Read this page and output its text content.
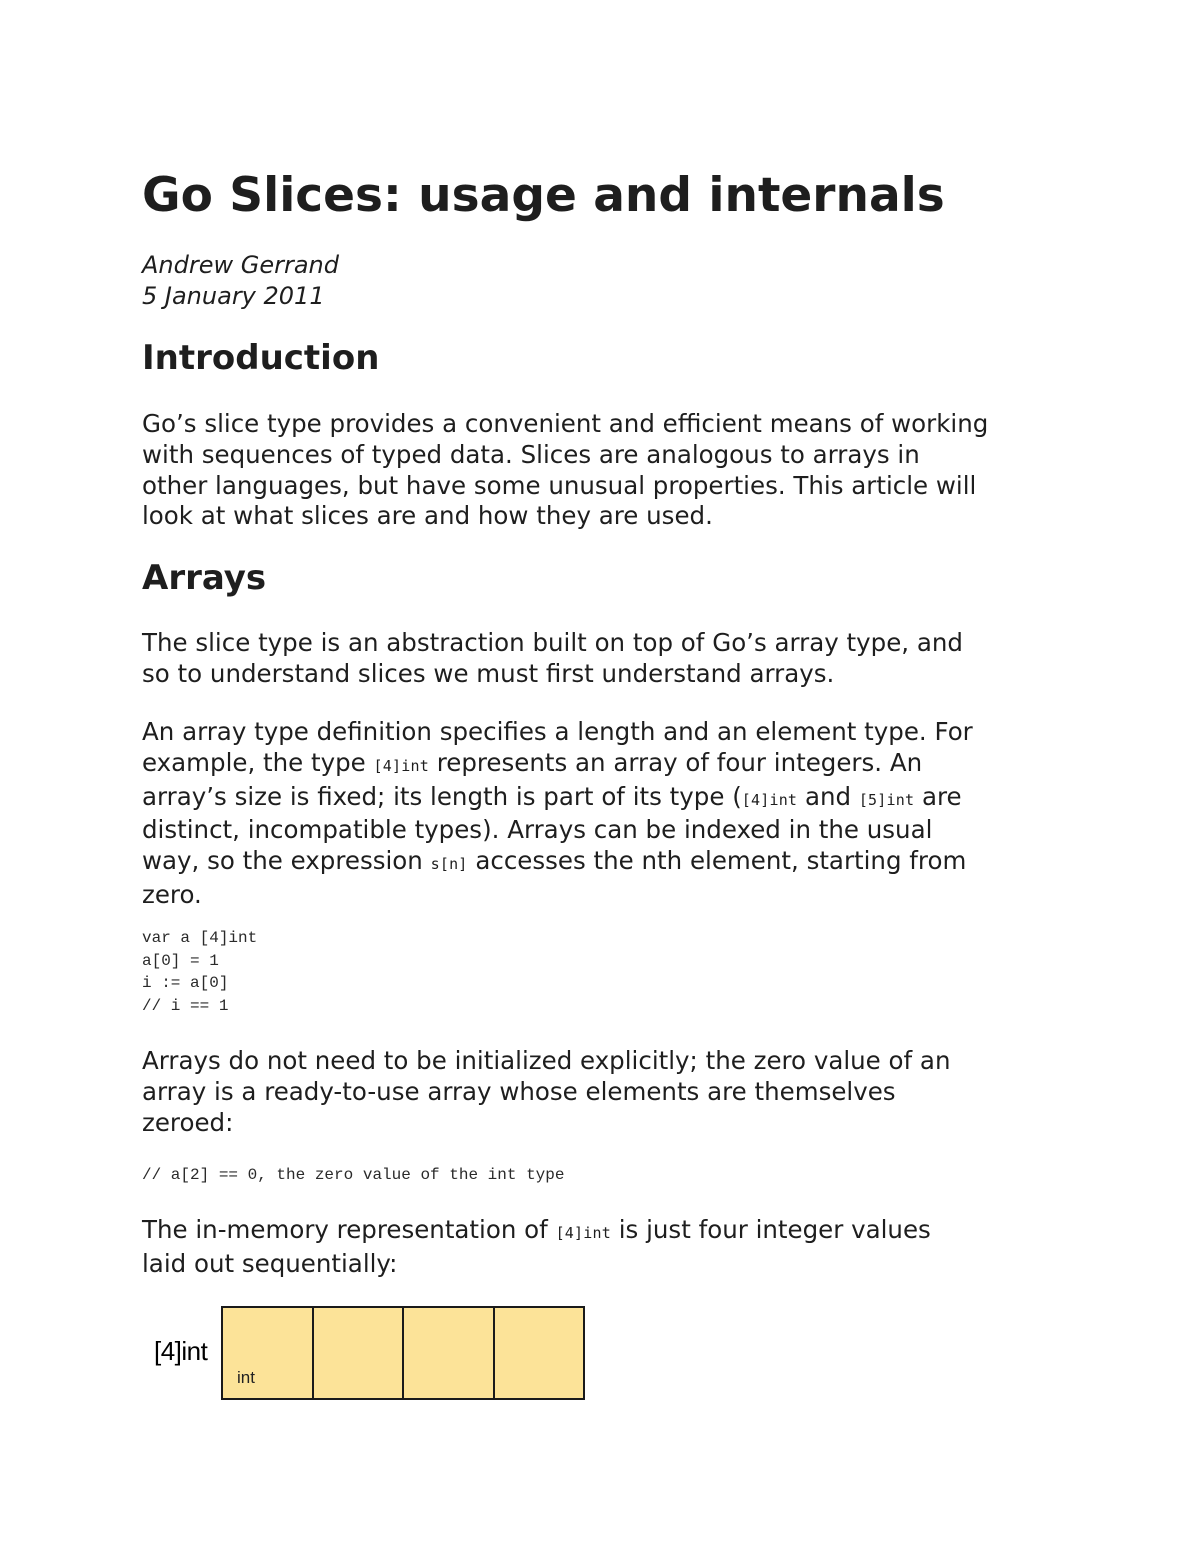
Go Slices: usage and internals
Andrew Gerrand
5 January 2011
Introduction
Go’s slice type provides a convenient and efficient means of working
with sequences of typed data. Slices are analogous to arrays in
other languages, but have some unusual properties. This article will
look at what slices are and how they are used.
Arrays
The slice type is an abstraction built on top of Go’s array type, and
so to understand slices we must first understand arrays.
An array type definition specifies a length and an element type. For
example, the type [4]int represents an array of four integers. An
array’s size is fixed; its length is part of its type ([4]int and [5]int are
distinct, incompatible types). Arrays can be indexed in the usual
way, so the expression s[n] accesses the nth element, starting from
zero.
var a [4]int
a[0] = 1
i := a[0]
// i == 1
Arrays do not need to be initialized explicitly; the zero value of an
array is a ready-to-use array whose elements are themselves
zeroed:
// a[2] == 0, the zero value of the int type
The in-memory representation of [4]int is just four integer values
laid out sequentially:
[4]int
int
